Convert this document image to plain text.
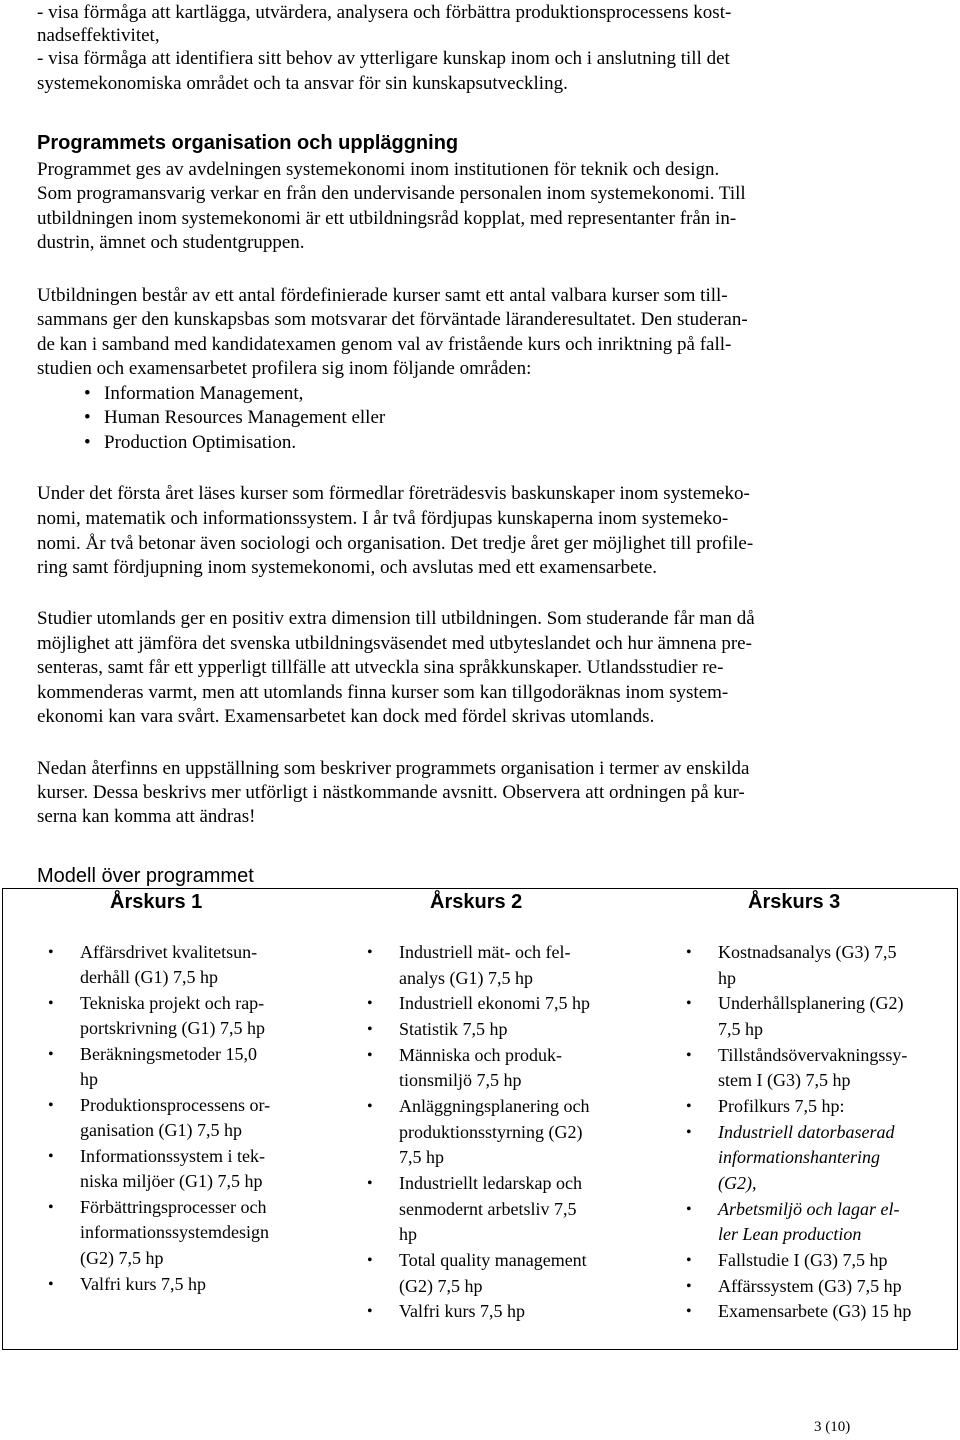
- visa förmåga att kartlägga, utvärdera, analysera och förbättra produktionsprocessens kost-
nadseffektivitet,
- visa förmåga att identifiera sitt behov av ytterligare kunskap inom och i anslutning till det
systemekonomiska området och ta ansvar för sin kunskapsutveckling.
Programmets organisation och uppläggning
Programmet ges av avdelningen systemekonomi inom institutionen för teknik och design.
Som programansvarig verkar en från den undervisande personalen inom systemekonomi. Till
utbildningen inom systemekonomi är ett utbildningsråd kopplat, med representanter från in-
dustrin, ämnet och studentgruppen.
Utbildningen består av ett antal fördefinierade kurser samt ett antal valbara kurser som till-
sammans ger den kunskapsbas som motsvarar det förväntade läranderesultatet. Den studeran-
de kan i samband med kandidatexamen genom val av fristående kurs och inriktning på fall-
studien och examensarbetet profilera sig inom följande områden:
• Information Management,
• Human Resources Management eller
• Production Optimisation.
Under det första året läses kurser som förmedlar företrädesvis baskunskaper inom systemeko-
nomi, matematik och informationssystem. I år två fördjupas kunskaperna inom systemeko-
nomi. År två betonar även sociologi och organisation. Det tredje året ger möjlighet till profile-
ring samt fördjupning inom systemekonomi, och avslutas med ett examensarbete.
Studier utomlands ger en positiv extra dimension till utbildningen. Som studerande får man då
möjlighet att jämföra det svenska utbildningsväsendet med utbyteslandet och hur ämnena pre-
senteras, samt får ett ypperligt tillfälle att utveckla sina språkkunskaper. Utlandsstudier re-
kommenderas varmt, men att utomlands finna kurser som kan tillgodoräknas inom system-
ekonomi kan vara svårt. Examensarbetet kan dock med fördel skrivas utomlands.
Nedan återfinns en uppställning som beskriver programmets organisation i termer av enskilda
kurser. Dessa beskrivs mer utförligt i nästkommande avsnitt. Observera att ordningen på kur-
serna kan komma att ändras!
Modell över programmet
Årskurs 1
•
•
•
•
•
•
•
Affärsdrivet kvalitetsun-
derhåll (G1) 7,5 hp
Tekniska projekt och rap-
portskrivning (G1) 7,5 hp
Beräkningsmetoder 15,0
hp
Produktionsprocessens or-
ganisation (G1) 7,5 hp
Informationssystem i tek-
niska miljöer (G1) 7,5 hp
Förbättringsprocesser och
informationssystemdesign
(G2) 7,5 hp
Valfri kurs 7,5 hp
Årskurs 2
•
•
•
•
•
•
•
•
Industriell mät- och fel-
analys (G1) 7,5 hp
Industriell ekonomi 7,5 hp
Statistik 7,5 hp
Människa och produk-
tionsmiljö 7,5 hp
Anläggningsplanering och
produktionsstyrning (G2)
7,5 hp
Industriellt ledarskap och
senmodernt arbetsliv 7,5
hp
Total quality management
(G2) 7,5 hp
Valfri kurs 7,5 hp
Årskurs 3
•
•
•
•
•
•
•
•
•
Kostnadsanalys (G3) 7,5
hp
Underhållsplanering (G2)
7,5 hp
Tillståndsövervakningssy-
stem I (G3) 7,5 hp
Profilkurs 7,5 hp:
Industriell datorbaserad
informationshantering
(G2),
Arbetsmiljö och lagar el-
ler Lean production
Fallstudie I (G3) 7,5 hp
Affärssystem (G3) 7,5 hp
Examensarbete (G3) 15 hp
3 (10)
